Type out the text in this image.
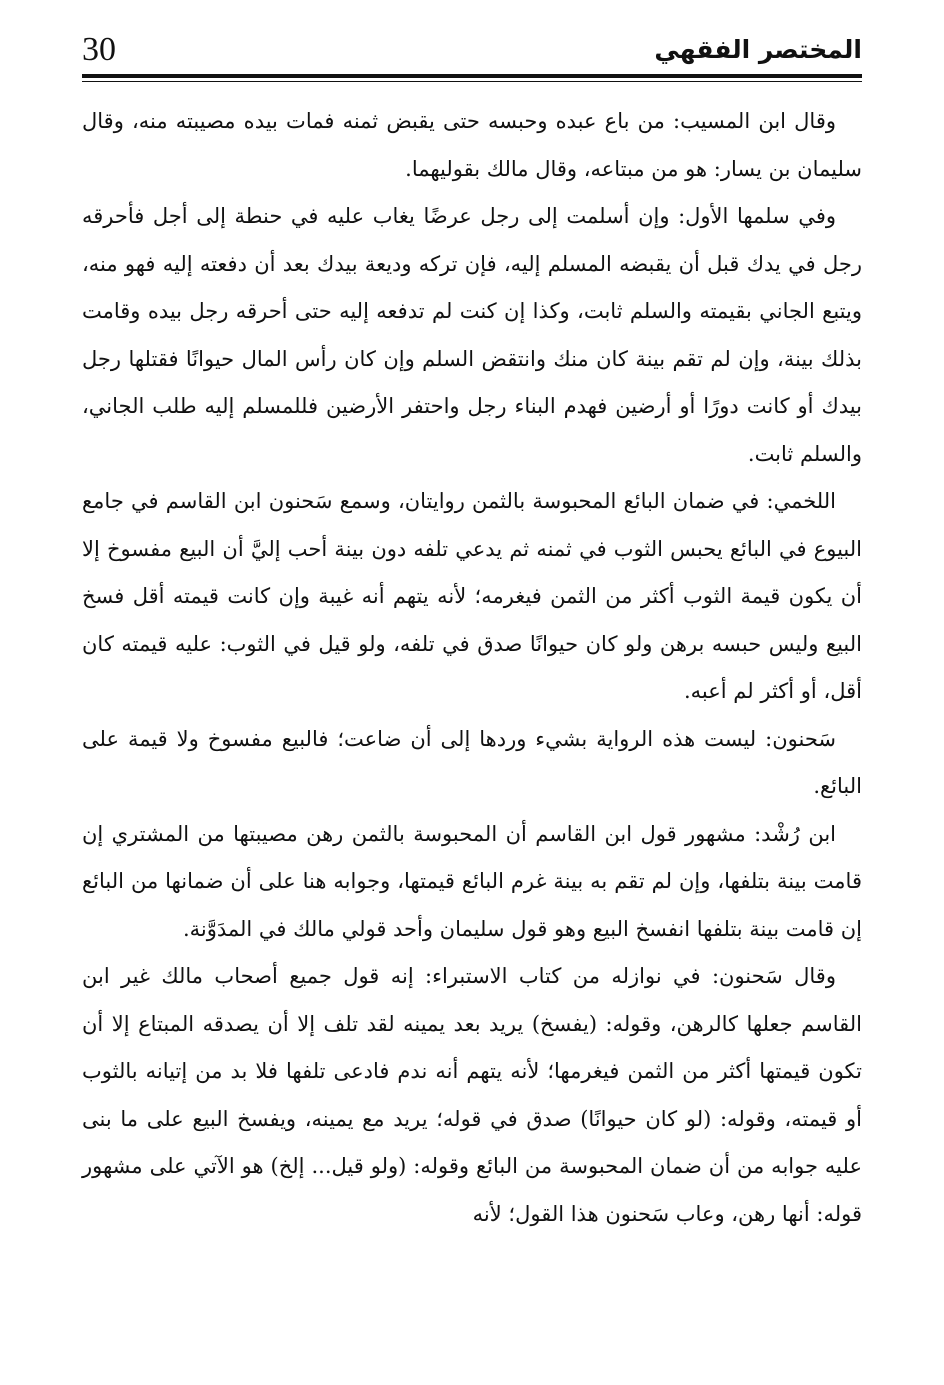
30	المختصر الفقهي

وقال ابن المسيب: من باع عبده وحبسه حتى يقبض ثمنه فمات بيده مصيبته منه، وقال سليمان بن يسار: هو من مبتاعه، وقال مالك بقوليهما.

وفي سلمها الأول: وإن أسلمت إلى رجل عرضًا يغاب عليه في حنطة إلى أجل فأحرقه رجل في يدك قبل أن يقبضه المسلم إليه، فإن تركه وديعة بيدك بعد أن دفعته إليه فهو منه، ويتبع الجاني بقيمته والسلم ثابت، وكذا إن كنت لم تدفعه إليه حتى أحرقه رجل بيده وقامت بذلك بينة، وإن لم تقم بينة كان منك وانتقض السلم وإن كان رأس المال حيوانًا فقتلها رجل بيدك أو كانت دورًا أو أرضين فهدم البناء رجل واحتفر الأرضين فللمسلم إليه طلب الجاني، والسلم ثابت.

اللخمي: في ضمان البائع المحبوسة بالثمن روايتان، وسمع سَحنون ابن القاسم في جامع البيوع في البائع يحبس الثوب في ثمنه ثم يدعي تلفه دون بينة أحب إليَّ أن البيع مفسوخ إلا أن يكون قيمة الثوب أكثر من الثمن فيغرمه؛ لأنه يتهم أنه غيبة وإن كانت قيمته أقل فسخ البيع وليس حبسه برهن ولو كان حيوانًا صدق في تلفه، ولو قيل في الثوب: عليه قيمته كان أقل، أو أكثر لم أعبه.

سَحنون: ليست هذه الرواية بشيء وردها إلى أن ضاعت؛ فالبيع مفسوخ ولا قيمة على البائع.

ابن رُشْد: مشهور قول ابن القاسم أن المحبوسة بالثمن رهن مصيبتها من المشتري إن قامت بينة بتلفها، وإن لم تقم به بينة غرم البائع قيمتها، وجوابه هنا على أن ضمانها من البائع إن قامت بينة بتلفها انفسخ البيع وهو قول سليمان وأحد قولي مالك في المدَوَّنة.

وقال سَحنون: في نوازله من كتاب الاستبراء: إنه قول جميع أصحاب مالك غير ابن القاسم جعلها كالرهن، وقوله: (يفسخ) يريد بعد يمينه لقد تلف إلا أن يصدقه المبتاع إلا أن تكون قيمتها أكثر من الثمن فيغرمها؛ لأنه يتهم أنه ندم فادعى تلفها فلا بد من إتيانه بالثوب أو قيمته، وقوله: (لو كان حيوانًا) صدق في قوله؛ يريد مع يمينه، ويفسخ البيع على ما بنى عليه جوابه من أن ضمان المحبوسة من البائع وقوله: (ولو قيل... إلخ) هو الآتي على مشهور قوله: أنها رهن، وعاب سَحنون هذا القول؛ لأنه
